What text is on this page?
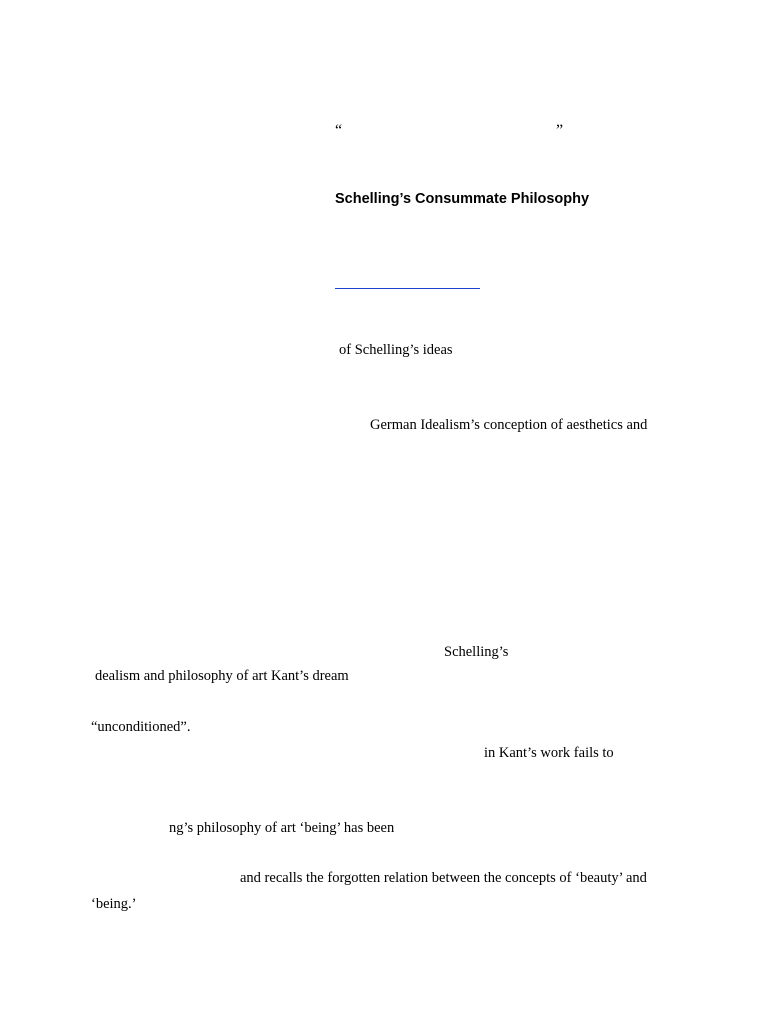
“	”
Schelling’s Consummate Philosophy
of Schelling’s ideas
German Idealism’s conception of aesthetics and
Schelling’s
dealism and philosophy of art Kant’s dream
“unconditioned”.
in Kant’s work fails to
ng’s philosophy of art ‘being’ has been
and recalls the forgotten relation between the concepts of ‘beauty’ and
‘being.’
